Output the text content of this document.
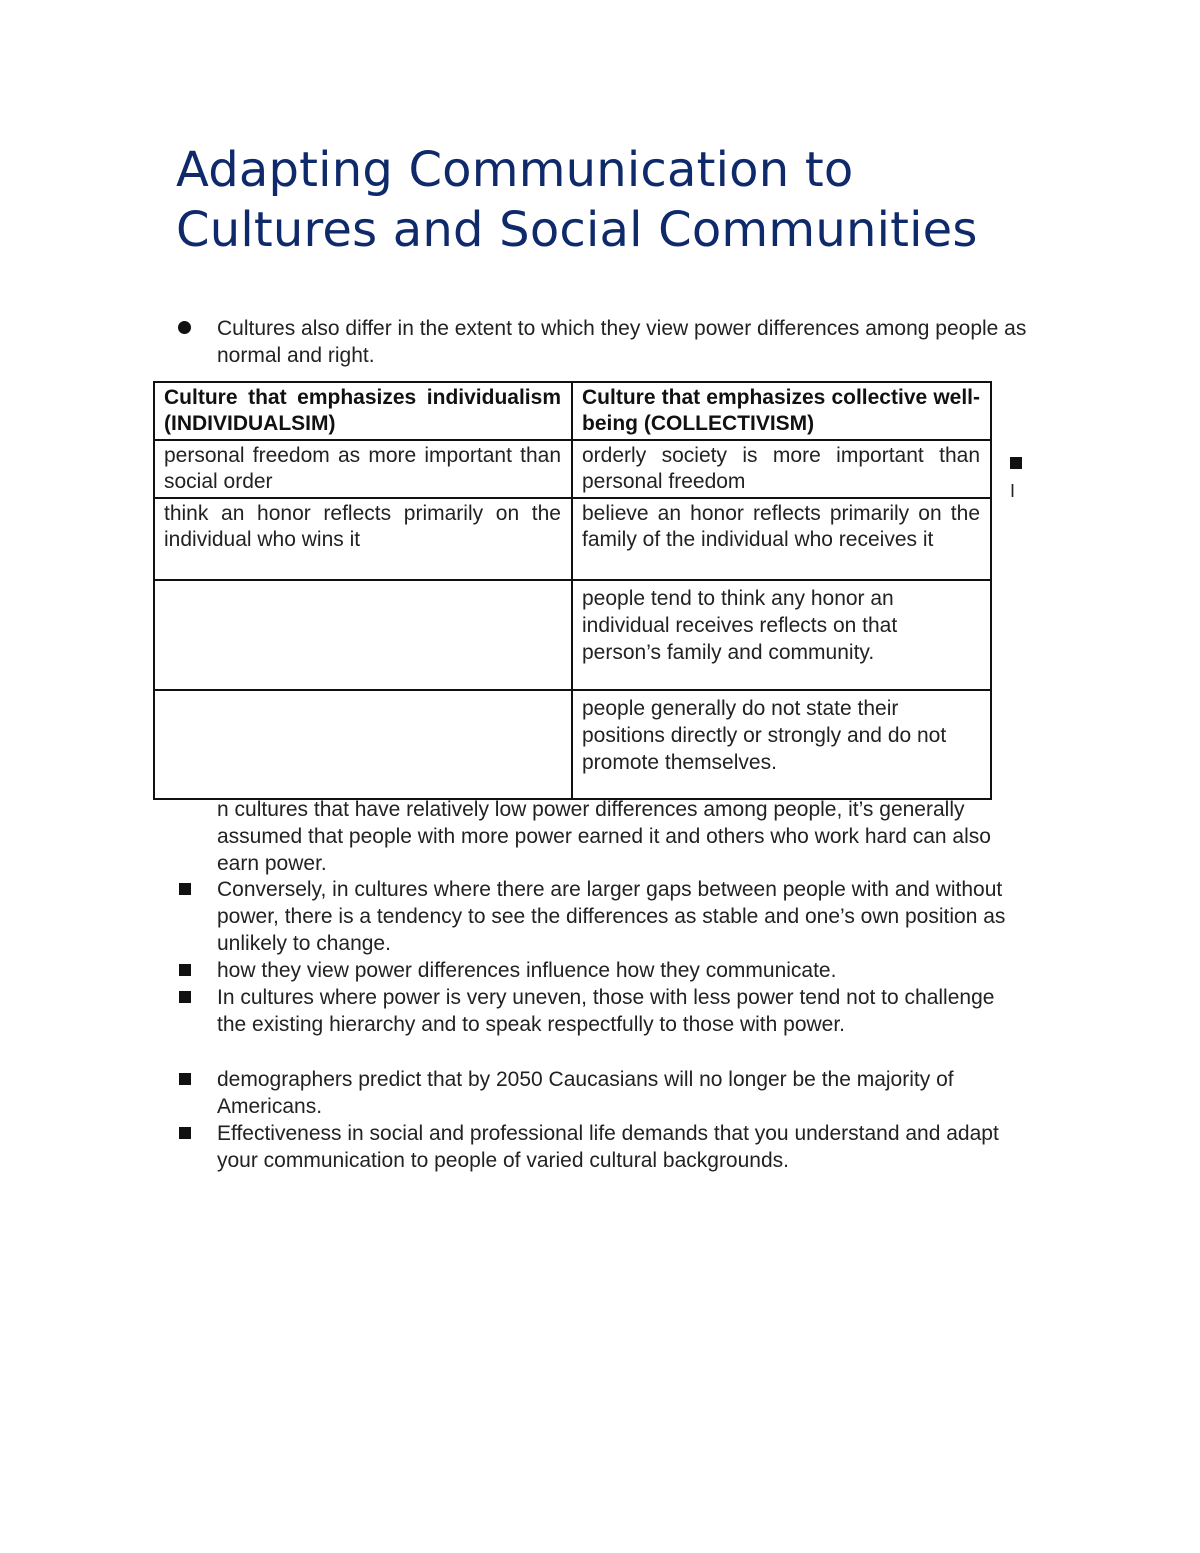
Adapting Communication to
Cultures and Social Communities
Cultures also differ in the extent to which they view power differences among people as normal and right.
Culture that emphasizes individualism (INDIVIDUALSIM)	Culture that emphasizes collective well-being (COLLECTIVISM)
personal freedom as more important than social order	orderly society is more important than personal freedom
think an honor reflects primarily on the individual who wins it	believe an honor reflects primarily on the family of the individual who receives it
	people tend to think any honor an individual receives reflects on that person’s family and community.
	people generally do not state their positions directly or strongly and do not promote themselves.
I
n cultures that have relatively low power differences among people, it’s generally assumed that people with more power earned it and others who work hard can also earn power.
Conversely, in cultures where there are larger gaps between people with and without power, there is a tendency to see the differences as stable and one’s own position as unlikely to change.
how they view power differences influence how they communicate.
In cultures where power is very uneven, those with less power tend not to challenge the existing hierarchy and to speak respectfully to those with power.
demographers predict that by 2050 Caucasians will no longer be the majority of Americans.
Effectiveness in social and professional life demands that you understand and adapt your communication to people of varied cultural backgrounds.
